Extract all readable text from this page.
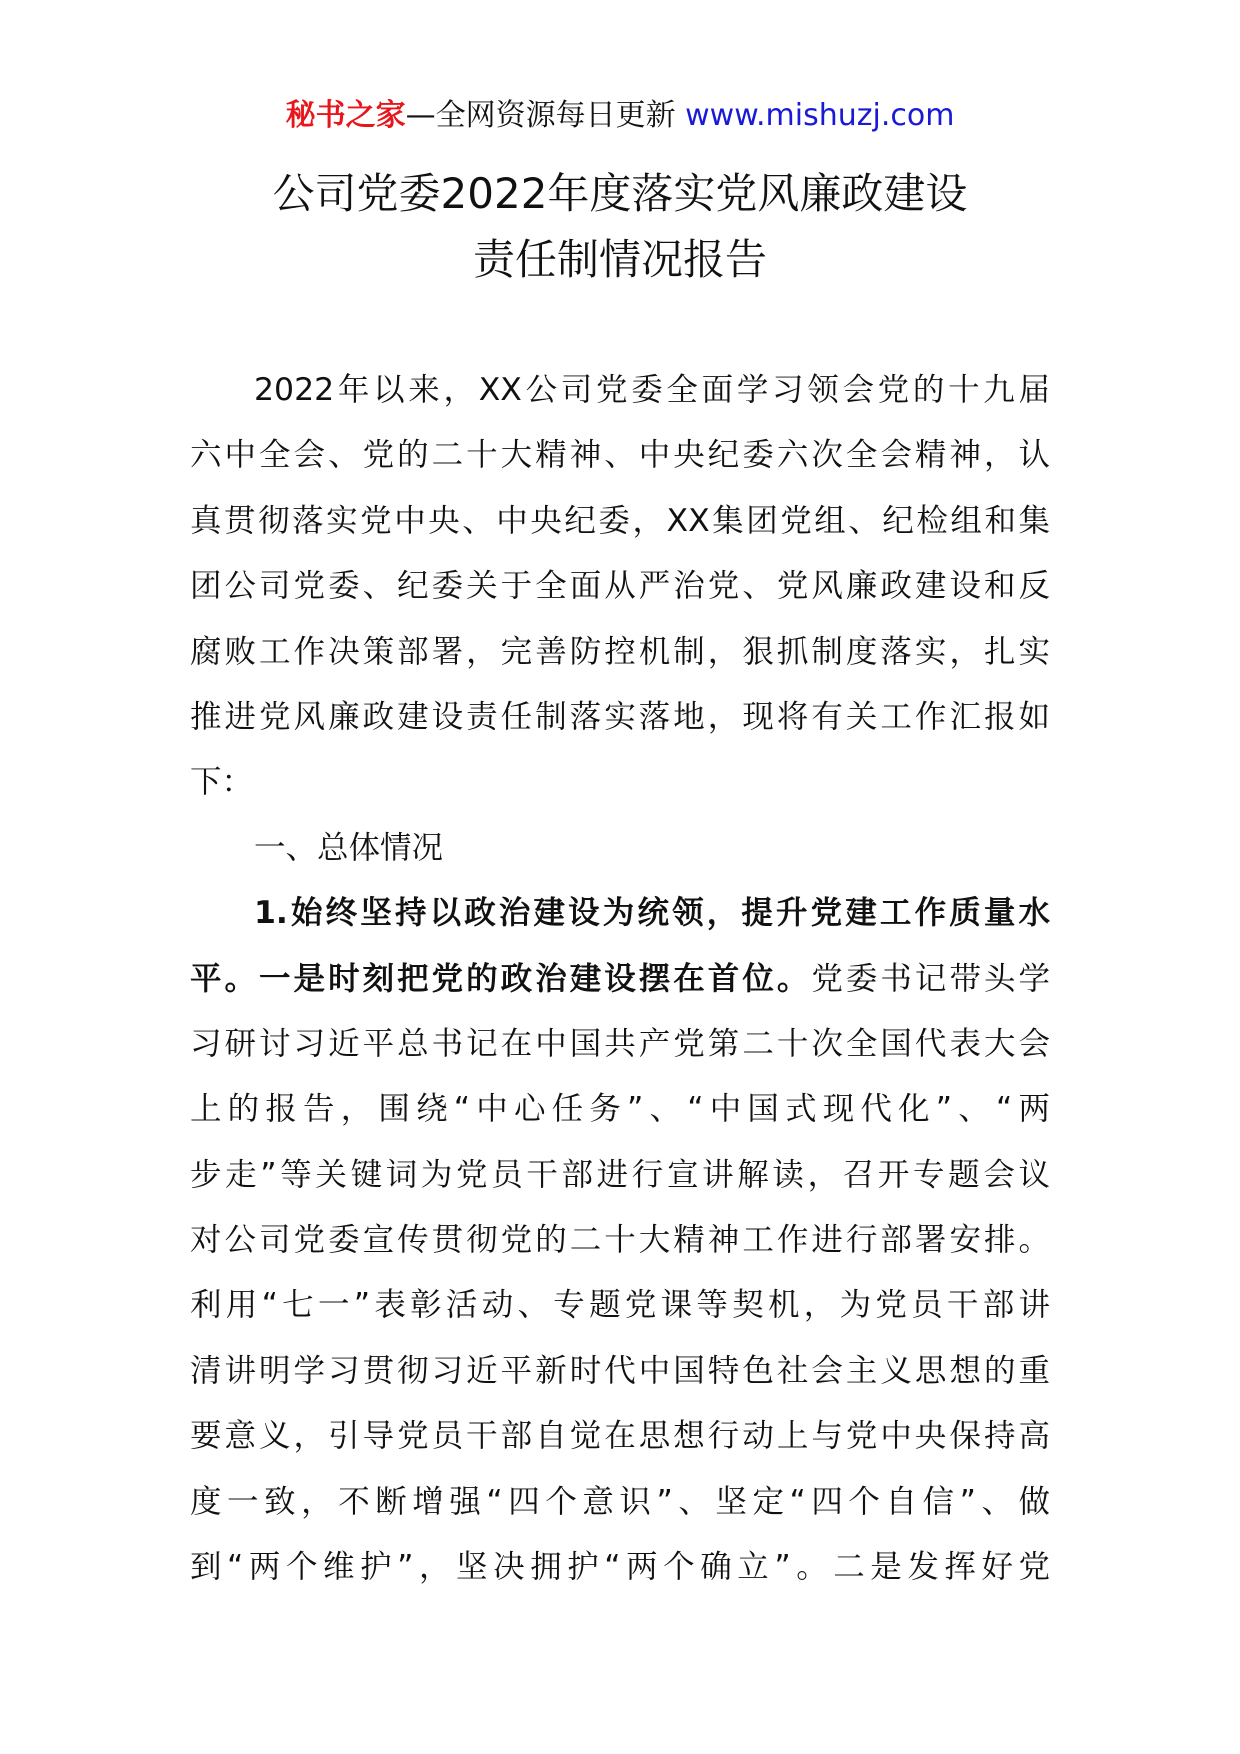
秘书之家—全网资源每日更新 www.mishuzj.com
公司党委2022年度落实党风廉政建设
责任制情况报告
2022年以来，XX公司党委全面学习领会党的十九届
六中全会、党的二十大精神、中央纪委六次全会精神，认
真贯彻落实党中央、中央纪委，XX集团党组、纪检组和集
团公司党委、纪委关于全面从严治党、党风廉政建设和反
腐败工作决策部署，完善防控机制，狠抓制度落实，扎实
推进党风廉政建设责任制落实落地，现将有关工作汇报如
下：
一、总体情况
1.始终坚持以政治建设为统领，提升党建工作质量水
平。一是时刻把党的政治建设摆在首位。党委书记带头学
习研讨习近平总书记在中国共产党第二十次全国代表大会
上的报告，围绕“中心任务”、“中国式现代化”、“两
步走”等关键词为党员干部进行宣讲解读，召开专题会议
对公司党委宣传贯彻党的二十大精神工作进行部署安排。
利用“七一”表彰活动、专题党课等契机，为党员干部讲
清讲明学习贯彻习近平新时代中国特色社会主义思想的重
要意义，引导党员干部自觉在思想行动上与党中央保持高
度一致，不断增强“四个意识”、坚定“四个自信”、做
到“两个维护”，坚决拥护“两个确立”。二是发挥好党
